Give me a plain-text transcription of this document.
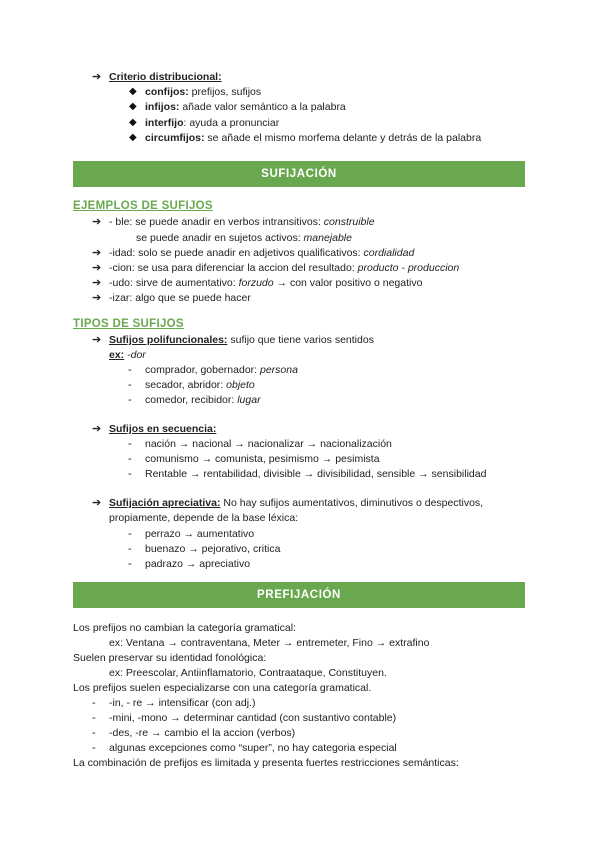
➔ Criterio distribucional:
◆ confijos: prefijos, sufijos
◆ infijos: añade valor semántico a la palabra
◆ interfijo: ayuda a pronunciar
◆ circumfijos: se añade el mismo morfema delante y detrás de la palabra
SUFIJACIÓN
EJEMPLOS DE SUFIJOS
➔ - ble: se puede anadir en verbos intransitivos: construible
se puede anadir en sujetos activos: manejable
➔ -idad: solo se puede anadir en adjetivos qualificativos: cordialidad
➔ -cion: se usa para diferenciar la accion del resultado: producto - produccion
➔ -udo: sirve de aumentativo: forzudo → con valor positivo o negativo
➔ -izar: algo que se puede hacer
TIPOS DE SUFIJOS
➔ Sufijos polifuncionales: sufijo que tiene varios sentidos
ex: -dor
- comprador, gobernador: persona
- secador, abridor: objeto
- comedor, recibidor: lugar
➔ Sufijos en secuencia:
- nación → nacional → nacionalizar → nacionalización
- comunismo → comunista, pesimismo → pesimista
- Rentable → rentabilidad, divisible → divisibilidad, sensible → sensibilidad
➔ Sufijación apreciativa: No hay sufijos aumentativos, diminutivos o despectivos,
propiamente, depende de la base léxica:
- perrazo → aumentativo
- buenazo → pejorativo, critica
- padrazo → apreciativo
PREFIJACIÓN
Los prefijos no cambian la categoría gramatical:
ex: Ventana → contraventana, Meter → entremeter, Fino → extrafino
Suelen preservar su identidad fonológica:
ex: Preescolar, Antiinflamatorio, Contraataque, Constituyen.
Los prefijos suelen especializarse con una categoría gramatical.
- -in, - re → intensificar (con adj.)
- -mini, -mono → determinar cantidad (con sustantivo contable)
- -des, -re → cambio el la accion (verbos)
- algunas excepciones como “super”, no hay categoria especial
La combinación de prefijos es limitada y presenta fuertes restricciones semánticas:
